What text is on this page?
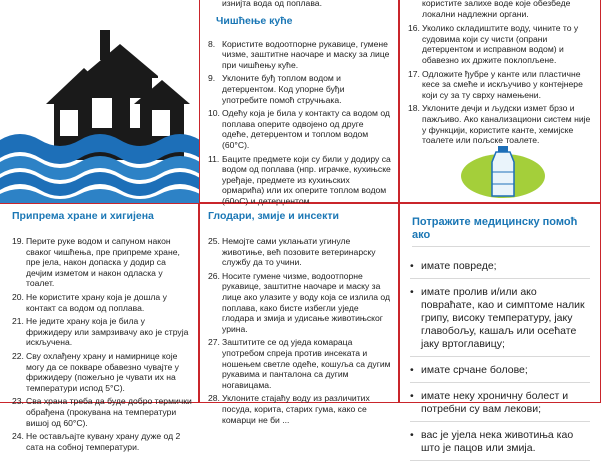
изнијта вода од поплава.
Чишћење куће
8. Користите водоотпорне рукавице, гумене чизме, заштитне наочаре и маску за лице при чишћењу куће.
9. Уклоните буђ топлом водом и детерџентом. Код упорне буђи употребите помоћ стручњака.
10. Одећу која је била у контакту са водом од поплава оперите одвојено од друге одеће, детерџентом и топлом водом (60°C).
11. Баците предмете који су били у додиру са водом од поплава (нпр. играчке, кухињске уређаје, предмете из кухињских ормарића) или их оперите топлом водом (60оС) и детерџентом.
користите залихе воде које обезбеде локални надлежни органи.
16. Уколико складиштите воду, чините то у судовима који су чисти (опрани детерџентом и исправном водом) и обавезно их држите поклопљене.
17. Одложите ђубре у канте или пластичне кесе за смеће и искључиво у контејнере који су за ту сврху намењени.
18. Уклоните дечји и људски измет брзо и пажљиво. Ако канализациони систем није у функцији, користите канте, хемијске тоалете или пољске тоалете.
Припрема хране и хигијена
19. Перите руке водом и сапуном након сваког чишћења, пре припреме хране, пре јела, након допаска у додир са дечјим изметом и након одласка у тоалет.
20. Не користите храну која је дошла у контакт са водом од поплава.
21. Не једите храну која је била у фрижидеру или замрзивачу ако је струја искључена.
22. Сву охлађену храну и намирнице које могу да се покваре обавезно чувајте у фрижидеру (пожељно је чувати их на температури испод 5°C).
23. Сва храна треба да буде добро термички обрађена (прокувана на температури вишој од 60°C).
24. Не остављајте кувану храну дуже од 2 сата на собној температури.
Глодари, змије и инсекти
25. Немојте сами уклањати угинуле животиње, већ позовите ветеринарску службу да то учини.
26. Носите гумене чизме, водоотпорне рукавице, заштитне наочаре и маску за лице ако улазите у воду која се излила од поплава, како бисте избегли уједе глодара и змија и удисање животињског урина.
27. Заштитите се од уједа комараца употребом спреја против инсеката и ношењем светле одеће, кошуља са дугим рукавима и панталона са дугим ногавицама.
28. Уклоните стајаћу воду из различитих посуда, корита, старих гума, како се комарци не би ...
Потражите медицинску помоћ ако
• имате повреде;
• имате пролив и/или ако повраћате, као и симптоме налик грипу, високу температуру, јаку главобољу, кашаљ или осећате јаку вртоглавицу;
• имате срчане болове;
• имате неку хроничну болест и потребни су вам лекови;
• вас је ујела нека животиња као што је пацов или змија.
